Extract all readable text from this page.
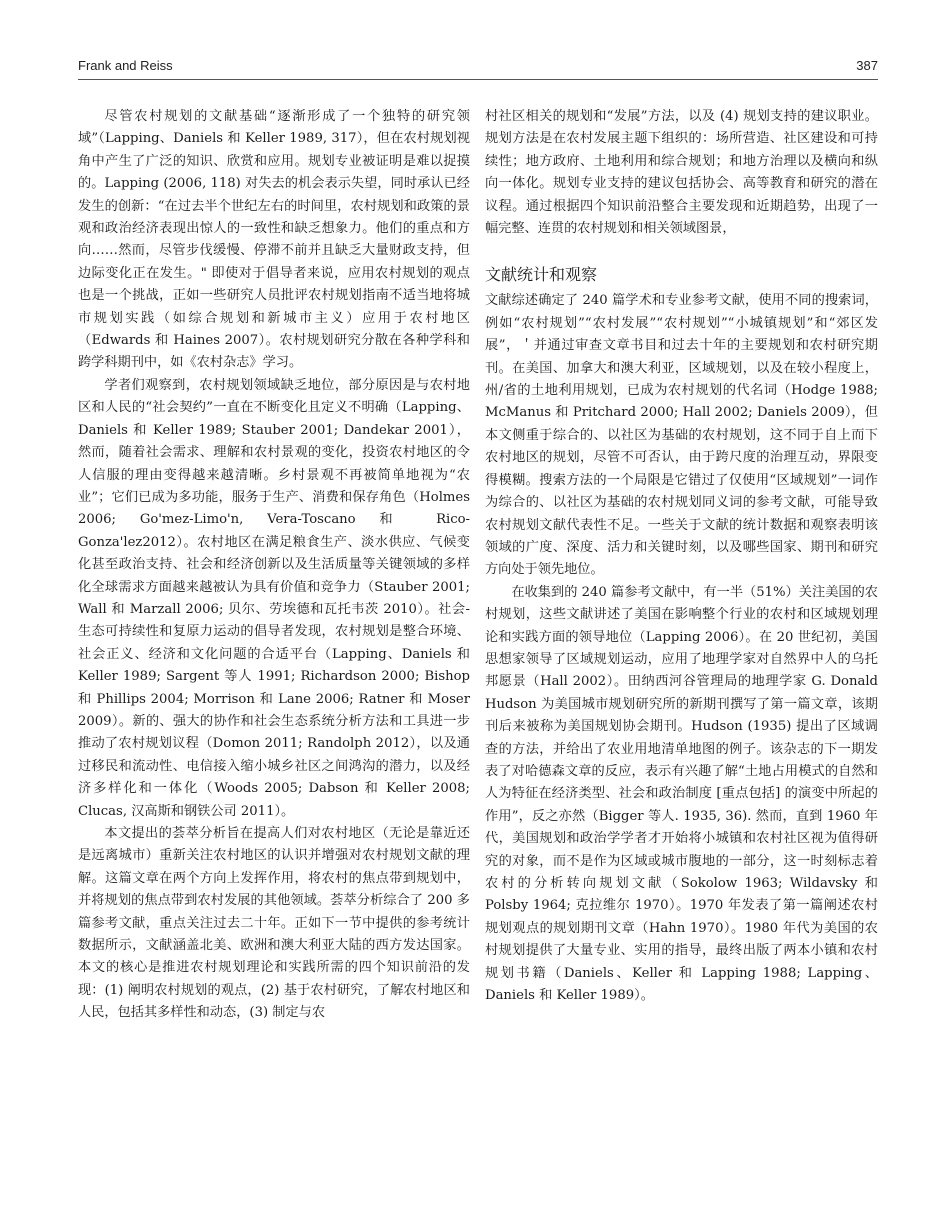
Frank and Reiss	387

尽管农村规划的文献基础“逐渐形成了一个独特的研究领域”（Lapping、Daniels 和 Keller 1989, 317），但在农村规划视角中产生了广泛的知识、欣赏和应用。规划专业被证明是难以捉摸的。Lapping (2006, 118) 对失去的机会表示失望，同时承认已经发生的创新：“在过去半个世纪左右的时间里，农村规划和政策的景观和政治经济表现出惊人的一致性和缺乏想象力。他们的重点和方向……然而，尽管步伐缓慢、停滞不前并且缺乏大量财政支持，但边际变化正在发生。" 即使对于倡导者来说，应用农村规划的观点也是一个挑战，正如一些研究人员批评农村规划指南不适当地将城市规划实践（如综合规划和新城市主义）应用于农村地区（Edwards 和 Haines 2007）。农村规划研究分散在各种学科和跨学科期刊中，如《农村杂志》学习。

学者们观察到，农村规划领域缺乏地位，部分原因是与农村地区和人民的“社会契约”一直在不断变化且定义不明确（Lapping、Daniels 和 Keller 1989; Stauber 2001; Dandekar 2001），然而，随着社会需求、理解和农村景观的变化，投资农村地区的令人信服的理由变得越来越清晰。乡村景观不再被简单地视为“农业”；它们已成为多功能，服务于生产、消费和保存角色（Holmes 2006; Go'mez-Limo'n, Vera-Toscano 和 Rico- Gonza'lez2012）。农村地区在满足粮食生产、淡水供应、气候变化甚至政治支持、社会和经济创新以及生活质量等关键领域的多样化全球需求方面越来越被认为具有价值和竞争力（Stauber 2001; Wall 和 Marzall 2006; 贝尔、劳埃德和瓦托韦茨 2010）。社会-生态可持续性和复原力运动的倡导者发现，农村规划是整合环境、社会正义、经济和文化问题的合适平台（Lapping、Daniels 和 Keller 1989; Sargent 等人 1991; Richardson 2000; Bishop 和 Phillips 2004; Morrison 和 Lane 2006; Ratner 和 Moser 2009）。新的、强大的协作和社会生态系统分析方法和工具进一步推动了农村规划议程（Domon 2011; Randolph 2012），以及通过移民和流动性、电信接入缩小城乡社区之间鸿沟的潜力，以及经济多样化和一体化（Woods 2005; Dabson 和 Keller 2008; Clucas, 汉高斯和钢铁公司 2011）。

本文提出的荟萃分析旨在提高人们对农村地区（无论是靠近还是远离城市）重新关注农村地区的认识并增强对农村规划文献的理解。这篇文章在两个方向上发挥作用，将农村的焦点带到规划中，并将规划的焦点带到农村发展的其他领域。荟萃分析综合了 200 多篇参考文献，重点关注过去二十年。正如下一节中提供的参考统计数据所示，文献涵盖北美、欧洲和澳大利亚大陆的西方发达国家。本文的核心是推进农村规划理论和实践所需的四个知识前沿的发现：(1) 阐明农村规划的观点，(2) 基于农村研究，了解农村地区和人民，包括其多样性和动态，(3) 制定与农

村社区相关的规划和“发展”方法，以及 (4) 规划支持的建议职业。规划方法是在农村发展主题下组织的：场所营造、社区建设和可持续性；地方政府、土地利用和综合规划；和地方治理以及横向和纵向一体化。规划专业支持的建议包括协会、高等教育和研究的潜在议程。通过根据四个知识前沿整合主要发现和近期趋势，出现了一幅完整、连贯的农村规划和相关领域图景，

文献统计和观察

文献综述确定了 240 篇学术和专业参考文献，使用不同的搜索词，例如“农村规划”“农村发展”“农村规划”“小城镇规划”和“郊区发展”，＇并通过审查文章书目和过去十年的主要规划和农村研究期刊。在美国、加拿大和澳大利亚，区域规划，以及在较小程度上，州/省的土地利用规划，已成为农村规划的代名词（Hodge 1988; McManus 和 Pritchard 2000; Hall 2002; Daniels 2009），但本文侧重于综合的、以社区为基础的农村规划，这不同于自上而下农村地区的规划，尽管不可否认，由于跨尺度的治理互动，界限变得模糊。搜索方法的一个局限是它错过了仅使用“区域规划”一词作为综合的、以社区为基础的农村规划同义词的参考文献，可能导致农村规划文献代表性不足。一些关于文献的统计数据和观察表明该领域的广度、深度、活力和关键时刻，以及哪些国家、期刊和研究方向处于领先地位。

在收集到的 240 篇参考文献中，有一半（51%）关注美国的农村规划，这些文献讲述了美国在影响整个行业的农村和区域规划理论和实践方面的领导地位（Lapping 2006）。在 20 世纪初，美国思想家领导了区域规划运动，应用了地理学家对自然界中人的乌托邦愿景（Hall 2002）。田纳西河谷管理局的地理学家 G. Donald Hudson 为美国城市规划研究所的新期刊撰写了第一篇文章，该期刊后来被称为美国规划协会期刊。Hudson (1935) 提出了区域调查的方法，并给出了农业用地清单地图的例子。该杂志的下一期发表了对哈德森文章的反应，表示有兴趣了解“土地占用模式的自然和人为特征在经济类型、社会和政治制度 [重点包括] 的演变中所起的作用”，反之亦然（Bigger 等人. 1935, 36). 然而，直到 1960 年代，美国规划和政治学学者才开始将小城镇和农村社区视为值得研究的对象，而不是作为区域或城市腹地的一部分，这一时刻标志着农村的分析转向规划文献（Sokolow 1963; Wildavsky 和 Polsby 1964; 克拉维尔 1970）。1970 年发表了第一篇阐述农村规划观点的规划期刊文章（Hahn 1970）。1980 年代为美国的农村规划提供了大量专业、实用的指导，最终出版了两本小镇和农村规划书籍（Daniels、Keller 和 Lapping 1988; Lapping、Daniels 和 Keller 1989）。
